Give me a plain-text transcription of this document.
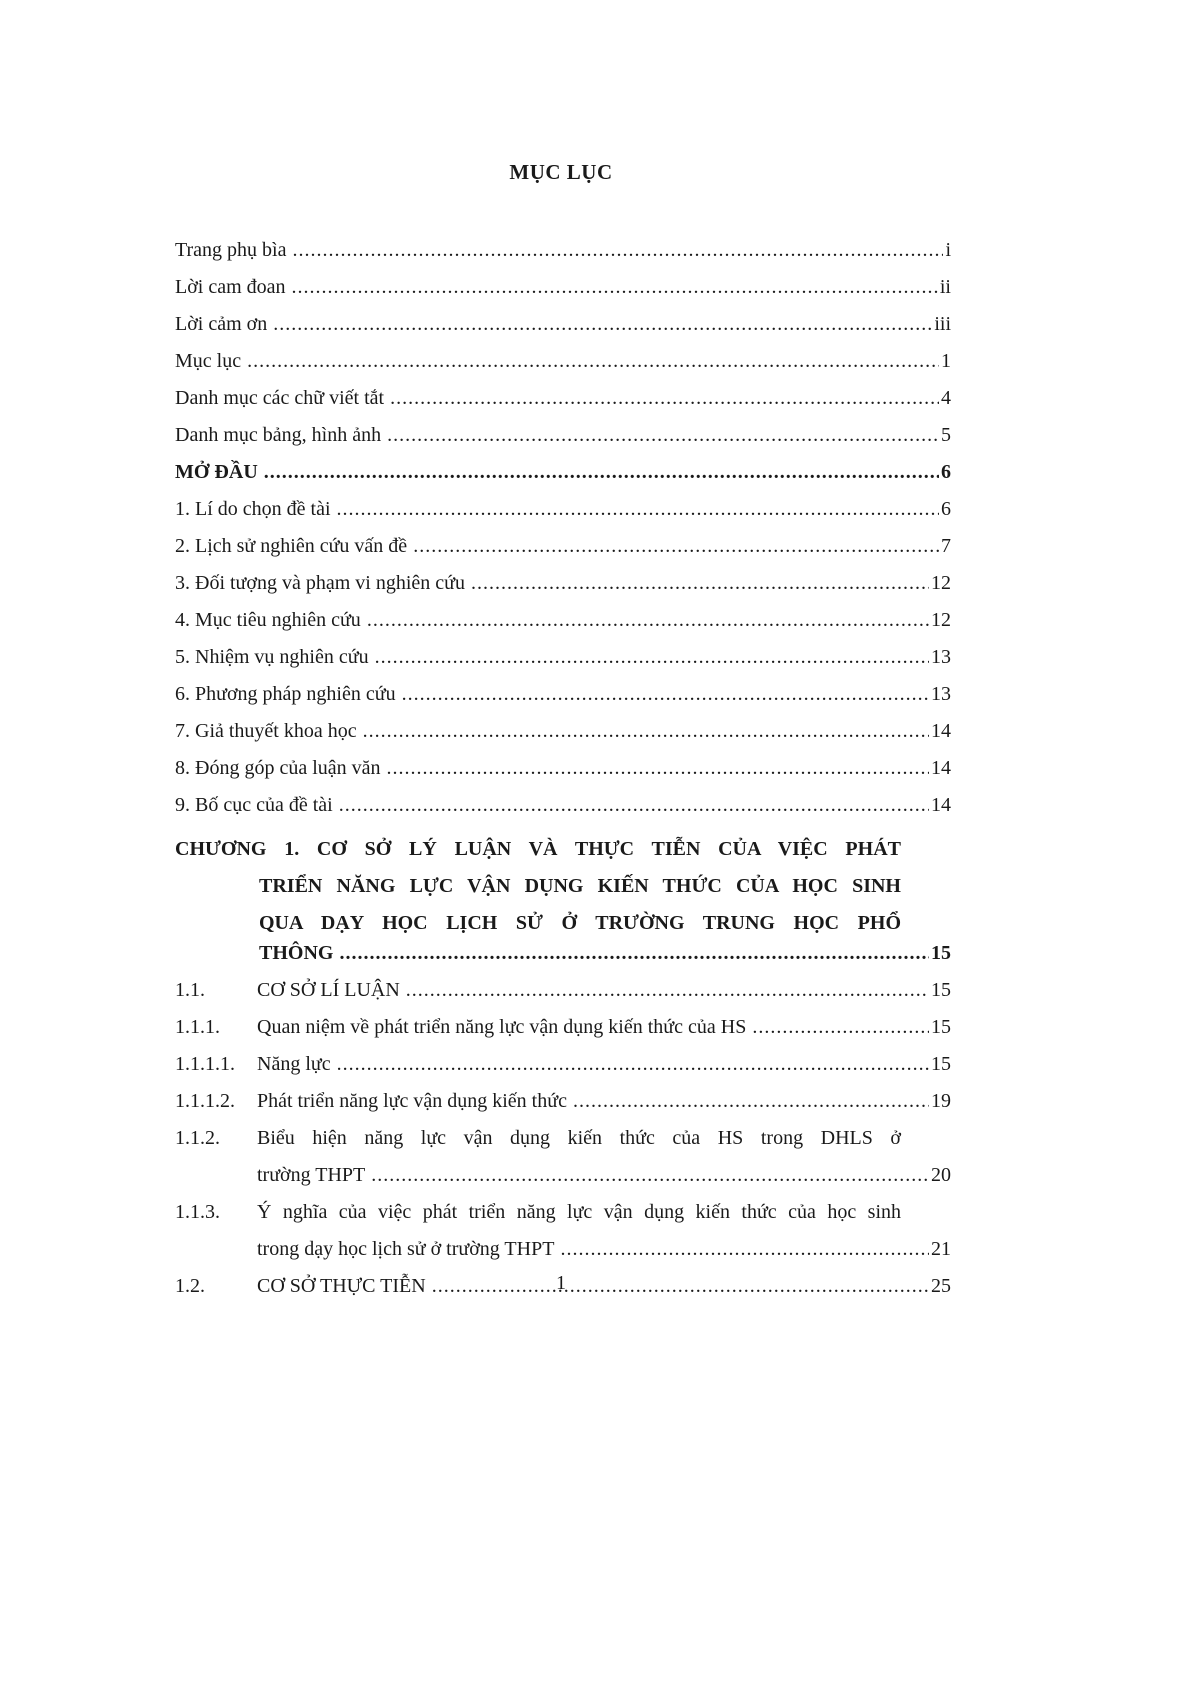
MỤC LỤC
Trang phụ bìa .....	i
Lời cam đoan .....	ii
Lời cảm ơn .....	iii
Mục lục .....	1
Danh mục các chữ viết tắt .....	4
Danh mục bảng, hình ảnh .....	5
MỞ ĐẦU .....	6
1. Lí do chọn đề tài .....	6
2. Lịch sử nghiên cứu vấn đề .....	7
3. Đối tượng và phạm vi nghiên cứu .....	12
4. Mục tiêu nghiên cứu .....	12
5. Nhiệm vụ nghiên cứu .....	13
6. Phương pháp nghiên cứu .....	13
7. Giả thuyết khoa học .....	14
8. Đóng góp của luận văn .....	14
9. Bố cục của đề tài .....	14
CHƯƠNG 1. CƠ SỞ LÝ LUẬN VÀ THỰC TIỄN CỦA VIỆC PHÁT
TRIỂN NĂNG LỰC VẬN DỤNG KIẾN THỨC CỦA HỌC SINH
QUA DẠY HỌC LỊCH SỬ Ở TRƯỜNG TRUNG HỌC PHỔ
THÔNG .....	15
1.1.	CƠ SỞ LÍ LUẬN .....	15
1.1.1.	Quan niệm về phát triển năng lực vận dụng kiến thức của HS .....	15
1.1.1.1.	Năng lực .....	15
1.1.1.2.	Phát triển năng lực vận dụng kiến thức .....	19
1.1.2.	Biểu hiện năng lực vận dụng kiến thức của HS trong DHLS ở
trường THPT .....	20
1.1.3.	Ý nghĩa của việc phát triển năng lực vận dụng kiến thức của học sinh
trong dạy học lịch sử ở trường THPT .....	21
1.2.	CƠ SỞ THỰC TIỄN .....	25
1
